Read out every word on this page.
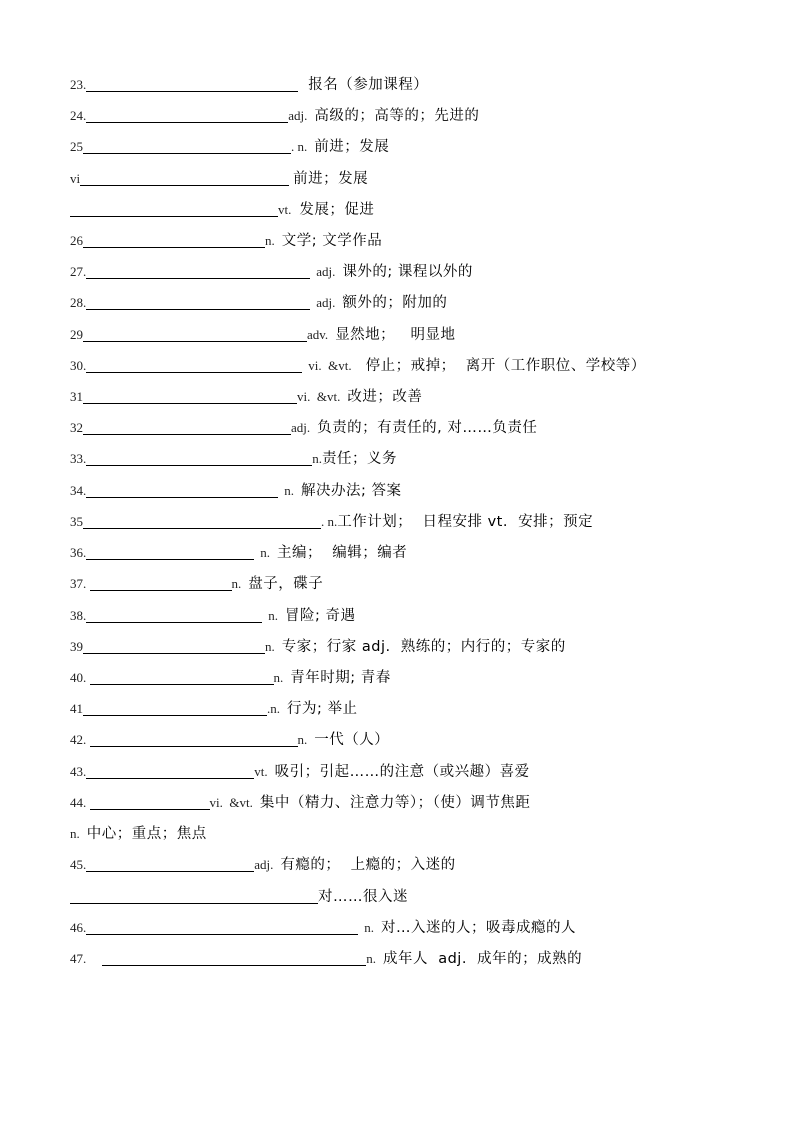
23.	报名（参加课程）
24.	adj. 高级的；高等的；先进的
25	. n. 前进；发展
vi	前进；发展
vt. 发展；促进
26	n. 文学; 文学作品
27.	adj. 课外的; 课程以外的
28.	adj. 额外的；附加的
29	adv. 显然地；   明显地
30.	vi.  &vt. 停止；戒掉；  离开（工作职位、学校等）
31	vi.  &vt. 改进；改善
32	adj. 负责的；有责任的, 对……负责任
33.	n. 责任；义务
34.	n. 解决办法; 答案
35	. n. 工作计划；  日程安排 vt.  安排；预定
36.	n. 主编；  编辑；编者
37.	n. 盘子，碟子
38.	n. 冒险; 奇遇
39	n. 专家；行家 adj.  熟练的；内行的；专家的
40.	n. 青年时期; 青春
41	.n. 行为; 举止
42.	n. 一代（人）
43.	vt. 吸引；引起……的注意（或兴趣）喜爱
44.	vi.  &vt. 集中（精力、注意力等）；（使）调节焦距
n. 中心；重点；焦点
45.	adj. 有瘾的；  上瘾的；入迷的
对……很入迷
46.	n. 对…入迷的人；吸毒成瘾的人
47.	n. 成年人  adj.  成年的；成熟的
